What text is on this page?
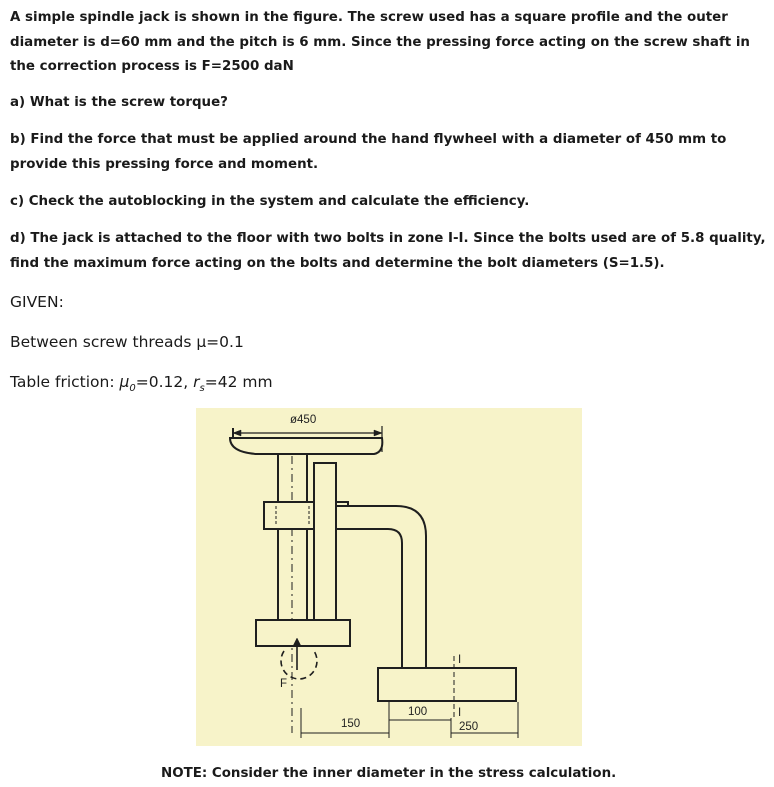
A simple spindle jack is shown in the figure. The screw used has a square profile and the outer diameter is d=60 mm and the pitch is 6 mm. Since the pressing force acting on the screw shaft in the correction process is F=2500 daN

a) What is the screw torque?

b) Find the force that must be applied around the hand flywheel with a diameter of 450 mm to provide this pressing force and moment.

c) Check the autoblocking in the system and calculate the efficiency.

d) The jack is attached to the floor with two bolts in zone I-I. Since the bolts used are of 5.8 quality, find the maximum force acting on the bolts and determine the bolt diameters (S=1.5).

GIVEN:

Between screw threads μ=0.1

Table friction: $\mu_0=0.12$, $r_s=42$ mm

ø450
150
100
250
F
I
I
NOTE: Consider the inner diameter in the stress calculation.
